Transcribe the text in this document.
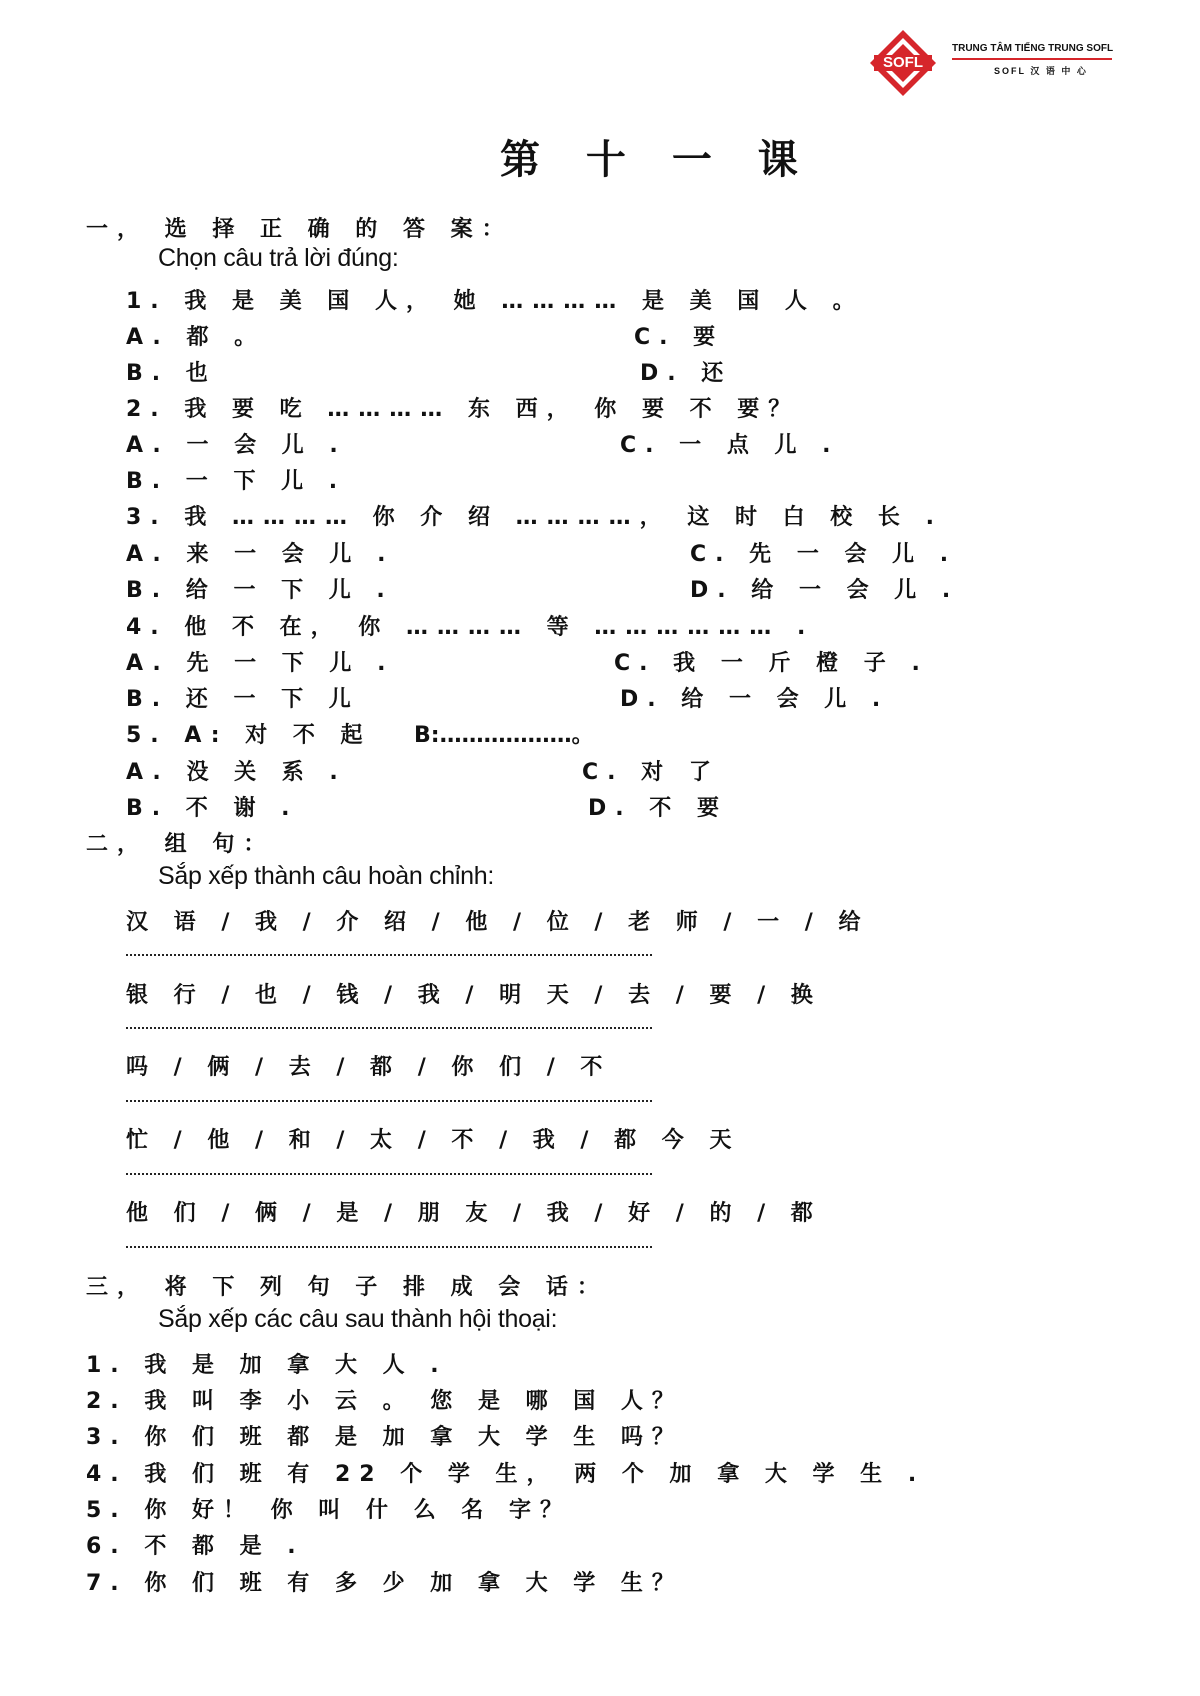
SOFL
TRUNG TÂM TIẾNG TRUNG SOFL
SOFL 汉 语 中 心
第 十 一 课
一， 选 择 正 确 的 答 案：
Chọn câu trả lời đúng:
1. 我 是 美 国 人， 她 ………… 是 美 国 人 。
A. 都 。	C. 要
B. 也	D. 还
2. 我 要 吃 ………… 东 西， 你 要 不 要？
A. 一 会 儿 .	C. 一 点 儿 .
B. 一 下 儿 .
3. 我 ………… 你 介 绍 …………， 这 时 白 校 长 .
A. 来 一 会 儿 .	C. 先 一 会 儿 .
B. 给 一 下 儿 .	D. 给 一 会 儿 .
4. 他 不 在， 你 ………… 等 ……………… .
A. 先 一 下 儿 .	C. 我 一 斤 橙 子 .
B. 还 一 下 儿	D. 给 一 会 儿 .
5. A: 对 不 起 B:………………。
A. 没 关 系 .	C. 对 了
B. 不 谢 .	D. 不 要
二， 组 句：
Sắp xếp thành câu hoàn chỉnh:
汉 语 / 我 / 介 绍 / 他 / 位 / 老 师 / 一 / 给
银 行 / 也 / 钱 / 我 / 明 天 / 去 / 要 / 换
吗 / 俩 / 去 / 都 / 你 们 / 不
忙 / 他 / 和 / 太 / 不 / 我 / 都 今 天
他 们 / 俩 / 是 / 朋 友 / 我 / 好 / 的 / 都
三， 将 下 列 句 子 排 成 会 话：
Sắp xếp các câu sau thành hội thoại:
1. 我 是 加 拿 大 人 .
2. 我 叫 李 小 云 。 您 是 哪 国 人？
3. 你 们 班 都 是 加 拿 大 学 生 吗？
4. 我 们 班 有 22 个 学 生， 两 个 加 拿 大 学 生 .
5. 你 好！ 你 叫 什 么 名 字？
6. 不 都 是 .
7. 你 们 班 有 多 少 加 拿 大 学 生？
